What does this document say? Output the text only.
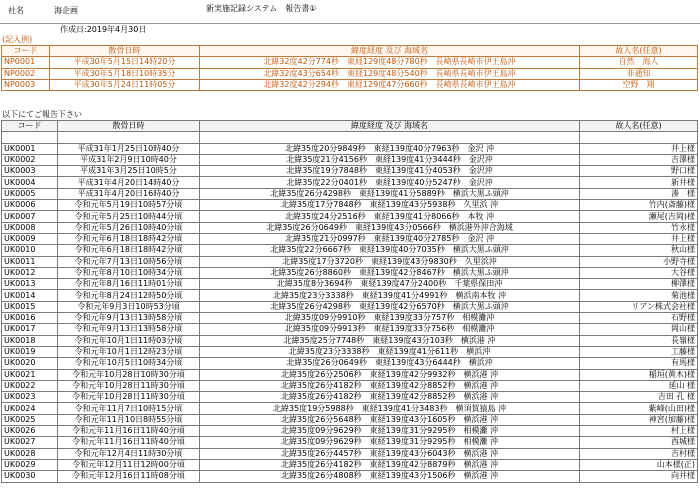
社名	海企画	新実施記録システム　報告書①
作成日:2019年4月30日
(記入例)
コード	散骨日時	緯度経度 及び 海域名	故人名(任意)
NP0001	平成30年5月15日14時20分	北緯32度42分774秒　東経129度48分780秒　長崎県長崎市伊王島沖	自然　海人
NP0002	平成30年5月18日10時35分	北緯32度43分654秒　東経129度48分540秒　長崎県長崎市伊王島沖	非通知
NP0003	平成30年5月24日11時05分	北緯32度42分294秒　東経129度47分660秒　長崎県長崎市伊王島沖	空野　翔
以下にてご報告下さい
コード	散骨日時	緯度経度 及び 海域名	故人名(任意)

UK0001	平成31年1月25日10時40分	北緯35度20分9849秒　東経139度40分7963秒　金沢 沖	井上様
UK0002	平成31年2月9日10時40分	北緯35度21分4156秒　東経139度41分3444秒　金沢沖	吉澤様
UK0003	平成31年3月25日10時5分	北緯35度19分7848秒　東経139度41分4053秒　金沢沖	野口様
UK0004	平成31年4月20日14時40分	北緯35度22分0401秒　東経139度40分5247秒　金沢沖	新井様
UK0005	平成31年4月20日16時40分	北緯35度26分4298秒　東経139度41分5889秒　横浜大黒ふ頭沖	湊　様
UK0006	令和元年5月19日10時57分頃	北緯35度17分7848秒　東経139度43分5938秒　久里浜 沖	竹内(斎藤)様
UK0007	令和元年5月25日10時44分頃	北緯35度24分2516秒　東経139度41分8066秒　本牧 沖	瀬尾(吉岡)様
UK0008	令和元年5月26日10時40分頃	北緯35度26分0649秒　東経139度43分0566秒　横浜港外沖合海域	竹永様
UK0009	令和元年6月18日18時42分頃	北緯35度21分0997秒　東経139度40分2785秒　金沢 沖	井上様
UK0010	令和元年6月18日18時42分頃	北緯35度22分6667秒　東経139度40分7035秒　横浜大黒ふ頭沖	秋山様
UK0011	令和元年7月13日10時56分頃	北緯35度17分3720秒　東経139度43分9830秒　久里浜沖	小野寺様
UK0012	令和元年8月10日10時34分頃	北緯35度26分8860秒　東経139度42分8467秒　横浜大黒ふ頭沖	大谷様
UK0013	令和元年8月16日11時01分頃	北緯35度8分3694秒　東経139度47分2400秒　千葉県保田沖	柳澤様
UK0014	令和元年8月24日12時50分頃	北緯35度23分3338秒　東経139度41分4991秒　横浜南本牧 沖	菊池様
UK0015	令和元年9月3日10時53分頃	北緯35度26分4298秒　東経139度42分6570秒　横浜大黒ふ頭沖	リアン株式会社様
UK0016	令和元年9月13日13時58分頃	北緯35度09分9910秒　東経139度33分757秒　相模灘沖	石野様
UK0017	令和元年9月13日13時58分頃	北緯35度09分9913秒　東経139度33分756秒　相模灘沖	岡山様
UK0018	令和元年10月1日11時03分頃	北緯35度25分7748秒　東経139度43分103秒　横浜港 沖	長嶺様
UK0019	令和元年10月1日12時23分頃	北緯35度23分3338秒　東経139度41分611秒　横浜沖	工藤様
UK0020	令和元年10月5日10時34分頃	北緯35度26分0649秒　東経139度43分6444秒　横浜沖	有馬様
UK0021	令和元年10月28日10時30分頃	北緯35度26分2506秒　東経139度42分9932秒　横浜港 沖	稲垣(黄木)様
UK0022	令和元年10月28日11時30分頃	北緯35度26分4182秒　東経139度42分8852秒　横浜港 沖	延山 様
UK0023	令和元年10月28日11時30分頃	北緯35度26分4182秒　東経139度42分8852秒　横浜港 沖	吉田 孔 様
UK0024	令和元年11月7日10時15分頃	北緯35度19分5988秒　東経139度41分3483秒　横須賀猿島 沖	紫峰(山田)様
UK0025	令和元年11月10日8時55分頃	北緯35度26分5648秒　東経139度43分1605秒　横浜港 沖	神宮(加藤)様
UK0026	令和元年11月16日11時40分頃	北緯35度09分9629秒　東経139度31分9295秒　相模灘 沖	村上様
UK0027	令和元年11月16日11時40分頃	北緯35度09分9629秒　東経139度31分9295秒　相模灘 沖	西城様
UK0028	令和元年12月4日11時30分頃	北緯35度26分4457秒　東経139度43分6043秒　横浜港 沖	吉村様
UK0029	令和元年12月11日12時00分頃	北緯35度26分4182秒　東経139度42分8879秒　横浜港 沖	山本様(正)
UK0030	令和元年12月16日11時08分頃	北緯35度26分4808秒　東経139度43分1506秒　横浜港 沖	向井様
